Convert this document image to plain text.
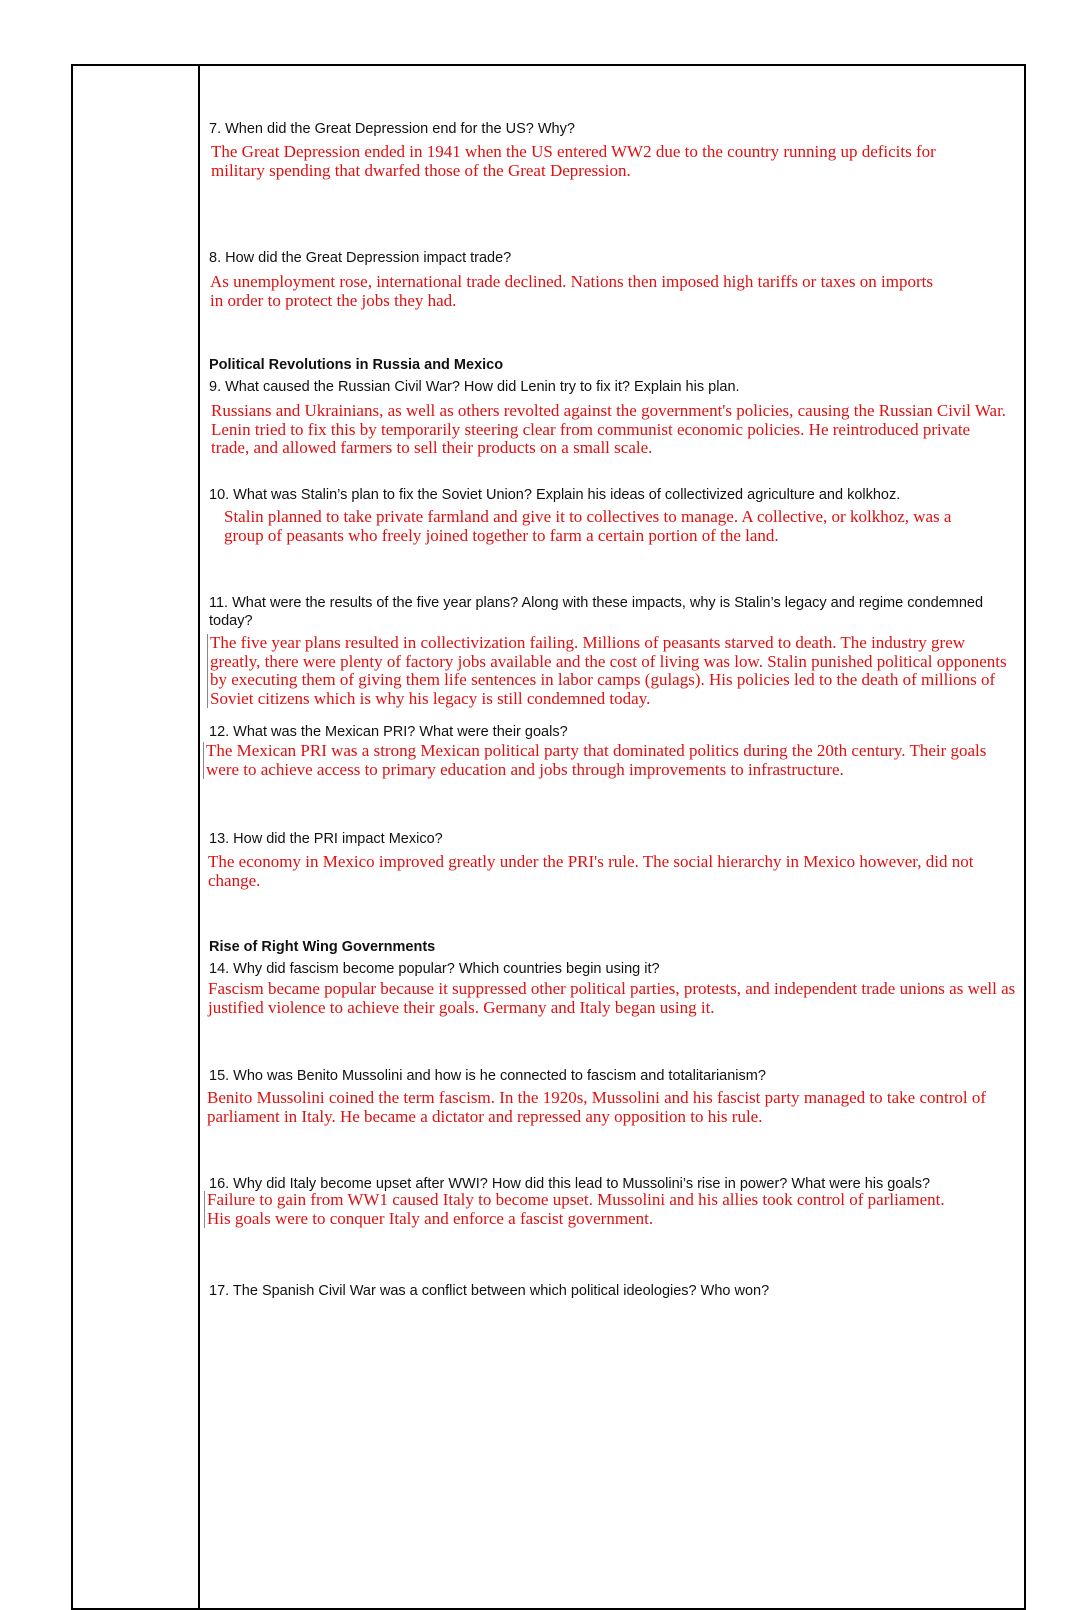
7. When did the Great Depression end for the US? Why?
The Great Depression ended in 1941 when the US entered WW2 due to the country running up deficits for military spending that dwarfed those of the Great Depression.
8. How did the Great Depression impact trade?
As unemployment rose, international trade declined. Nations then imposed high tariffs or taxes on imports in order to protect the jobs they had.
Political Revolutions in Russia and Mexico
9. What caused the Russian Civil War? How did Lenin try to fix it? Explain his plan.
Russians and Ukrainians, as well as others revolted against the government's policies, causing the Russian Civil War. Lenin tried to fix this by temporarily steering clear from communist economic policies. He reintroduced private trade, and allowed farmers to sell their products on a small scale.
10. What was Stalin’s plan to fix the Soviet Union? Explain his ideas of collectivized agriculture and kolkhoz.
Stalin planned to take private farmland and give it to collectives to manage. A collective, or kolkhoz, was a group of peasants who freely joined together to farm a certain portion of the land.
11. What were the results of the five year plans? Along with these impacts, why is Stalin’s legacy and regime condemned today?
The five year plans resulted in collectivization failing. Millions of peasants starved to death. The industry grew greatly, there were plenty of factory jobs available and the cost of living was low. Stalin punished political opponents by executing them of giving them life sentences in labor camps (gulags). His policies led to the death of millions of Soviet citizens which is why his legacy is still condemned today.
12. What was the Mexican PRI? What were their goals?
The Mexican PRI was a strong Mexican political party that dominated politics during the 20th century. Their goals were to achieve access to primary education and jobs through improvements to infrastructure.
13. How did the PRI impact Mexico?
The economy in Mexico improved greatly under the PRI's rule. The social hierarchy in Mexico however, did not change.
Rise of Right Wing Governments
14. Why did fascism become popular? Which countries begin using it?
Fascism became popular because it suppressed other political parties, protests, and independent trade unions as well as justified violence to achieve their goals. Germany and Italy began using it.
15. Who was Benito Mussolini and how is he connected to fascism and totalitarianism?
Benito Mussolini coined the term fascism. In the 1920s, Mussolini and his fascist party managed to take control of parliament in Italy. He became a dictator and repressed any opposition to his rule.
16. Why did Italy become upset after WWI? How did this lead to Mussolini’s rise in power? What were his goals?
Failure to gain from WW1 caused Italy to become upset. Mussolini and his allies took control of parliament. His goals were to conquer Italy and enforce a fascist government.
17. The Spanish Civil War was a conflict between which political ideologies? Who won?
